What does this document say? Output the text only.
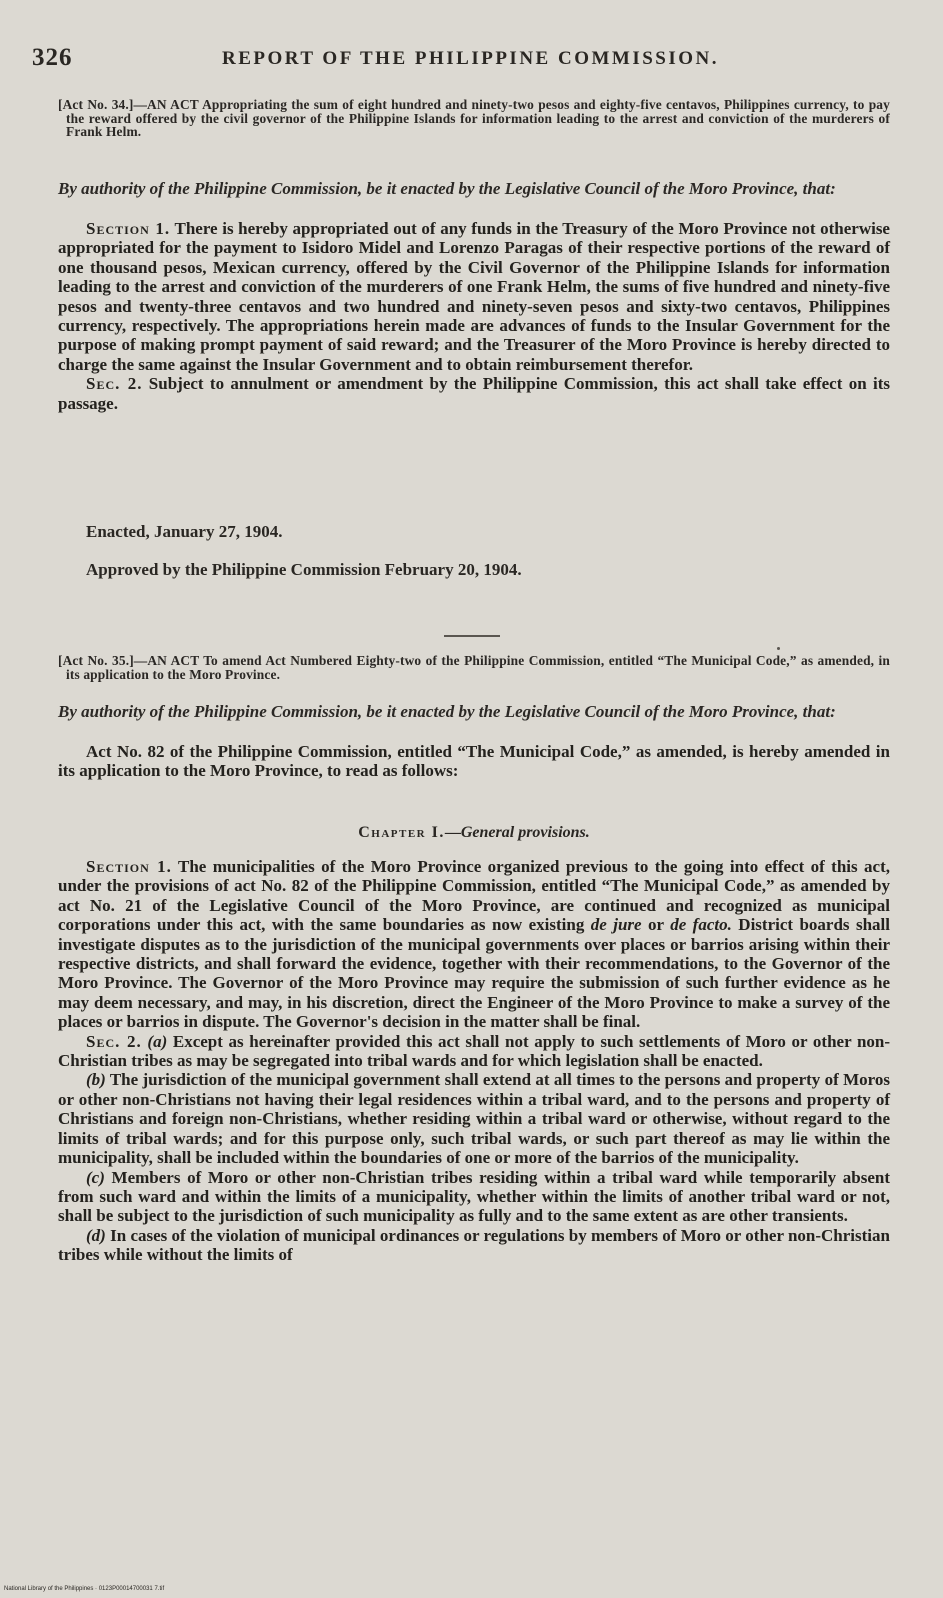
326	REPORT OF THE PHILIPPINE COMMISSION.
[Act No. 34.]—AN ACT Appropriating the sum of eight hundred and ninety-two pesos and eighty-five centavos, Philippines currency, to pay the reward offered by the civil governor of the Philippine Islands for information leading to the arrest and conviction of the murderers of Frank Helm.
By authority of the Philippine Commission, be it enacted by the Legislative Council of the Moro Province, that:

Section 1. There is hereby appropriated out of any funds in the Treasury of the Moro Province not otherwise appropriated for the payment to Isidoro Midel and Lorenzo Paragas of their respective portions of the reward of one thousand pesos, Mexican currency, offered by the Civil Governor of the Philippine Islands for information leading to the arrest and conviction of the murderers of one Frank Helm, the sums of five hundred and ninety-five pesos and twenty-three centavos and two hundred and ninety-seven pesos and sixty-two centavos, Philippines currency, respectively. The appropriations herein made are advances of funds to the Insular Government for the purpose of making prompt payment of said reward; and the Treasurer of the Moro Province is hereby directed to charge the same against the Insular Government and to obtain reimbursement therefor.

Sec. 2. Subject to annulment or amendment by the Philippine Commission, this act shall take effect on its passage.

Enacted, January 27, 1904.
Approved by the Philippine Commission February 20, 1904.
[Act No. 35.]—AN ACT To amend Act Numbered Eighty-two of the Philippine Commission, entitled “The Municipal Code,” as amended, in its application to the Moro Province.
By authority of the Philippine Commission, be it enacted by the Legislative Council of the Moro Province, that:

Act No. 82 of the Philippine Commission, entitled “The Municipal Code,” as amended, is hereby amended in its application to the Moro Province, to read as follows:

Chapter I.—General provisions.

Section 1. The municipalities of the Moro Province organized previous to the going into effect of this act, under the provisions of act No. 82 of the Philippine Commission, entitled “The Municipal Code,” as amended by act No. 21 of the Legislative Council of the Moro Province, are continued and recognized as municipal corporations under this act, with the same boundaries as now existing de jure or de facto. District boards shall investigate disputes as to the jurisdiction of the municipal governments over places or barrios arising within their respective districts, and shall forward the evidence, together with their recommendations, to the Governor of the Moro Province. The Governor of the Moro Province may require the submission of such further evidence as he may deem necessary, and may, in his discretion, direct the Engineer of the Moro Province to make a survey of the places or barrios in dispute. The Governor's decision in the matter shall be final.

Sec. 2. (a) Except as hereinafter provided this act shall not apply to such settlements of Moro or other non-Christian tribes as may be segregated into tribal wards and for which legislation shall be enacted.

(b) The jurisdiction of the municipal government shall extend at all times to the persons and property of Moros or other non-Christians not having their legal residences within a tribal ward, and to the persons and property of Christians and foreign non-Christians, whether residing within a tribal ward or otherwise, without regard to the limits of tribal wards; and for this purpose only, such tribal wards, or such part thereof as may lie within the municipality, shall be included within the boundaries of one or more of the barrios of the municipality.

(c) Members of Moro or other non-Christian tribes residing within a tribal ward while temporarily absent from such ward and within the limits of a municipality, whether within the limits of another tribal ward or not, shall be subject to the jurisdiction of such municipality as fully and to the same extent as are other transients.

(d) In cases of the violation of municipal ordinances or regulations by members of Moro or other non-Christian tribes while without the limits of

National Library of the Philippines · 0123P00014700031 7.tif
